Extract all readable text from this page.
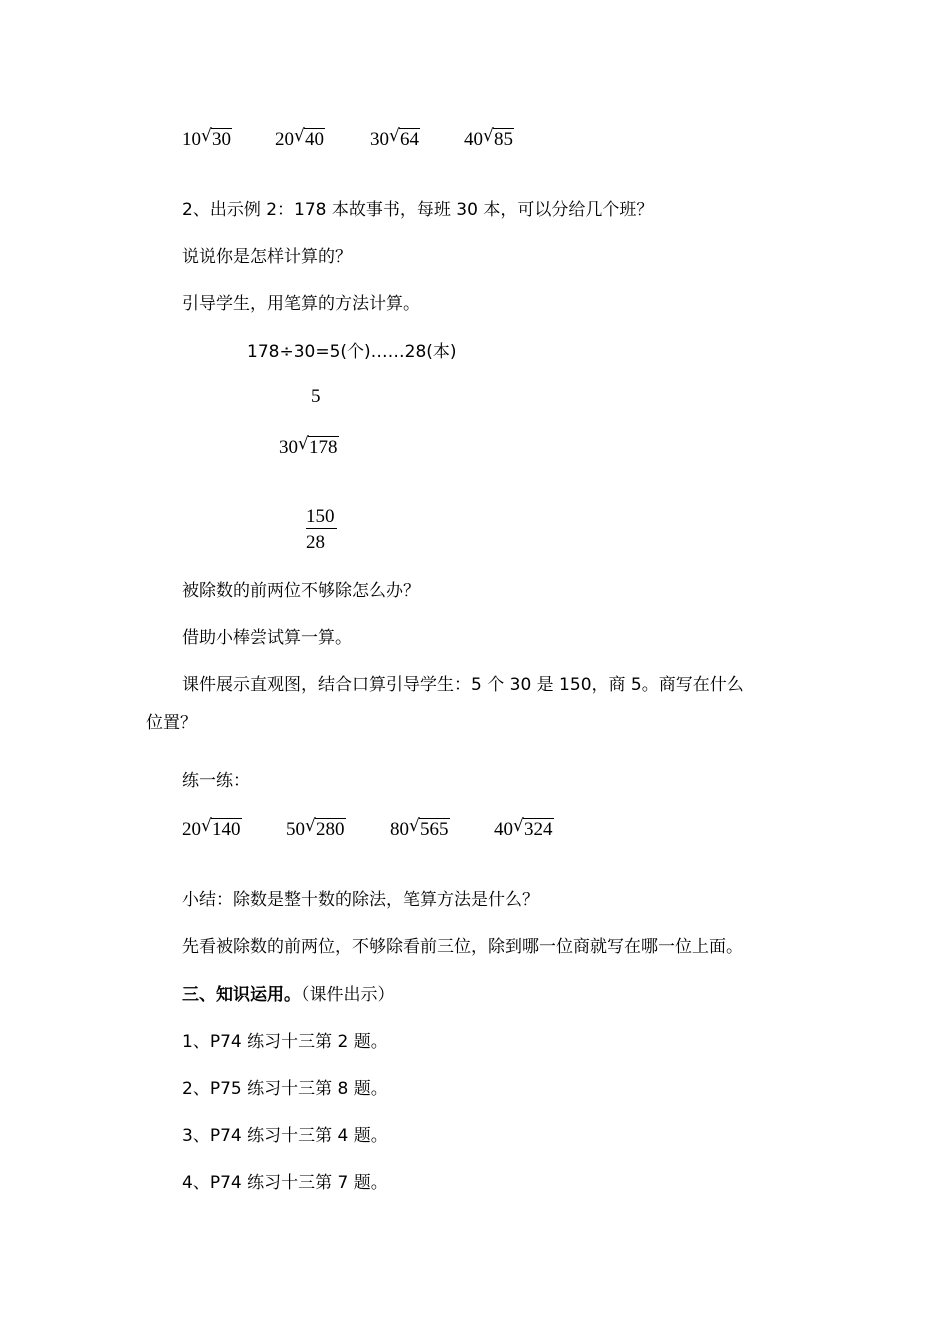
10 √ 30 20 √ 40 30 √ 64 40 √ 85
2、出示例 2：178 本故事书，每班 30 本，可以分给几个班？
说说你是怎样计算的？
引导学生，用笔算的方法计算。
178÷30=5(个)……28(本)
5
30 √ 178
150
28
被除数的前两位不够除怎么办？
借助小棒尝试算一算。
课件展示直观图，结合口算引导学生：5 个 30 是 150，商 5。商写在什么
位置？
练一练：
20 √ 140 50 √ 280 80 √ 565 40 √ 324
小结：除数是整十数的除法，笔算方法是什么？
先看被除数的前两位，不够除看前三位，除到哪一位商就写在哪一位上面。
三、知识运用。（课件出示）
1、P74 练习十三第 2 题。
2、P75 练习十三第 8 题。
3、P74 练习十三第 4 题。
4、P74 练习十三第 7 题。
